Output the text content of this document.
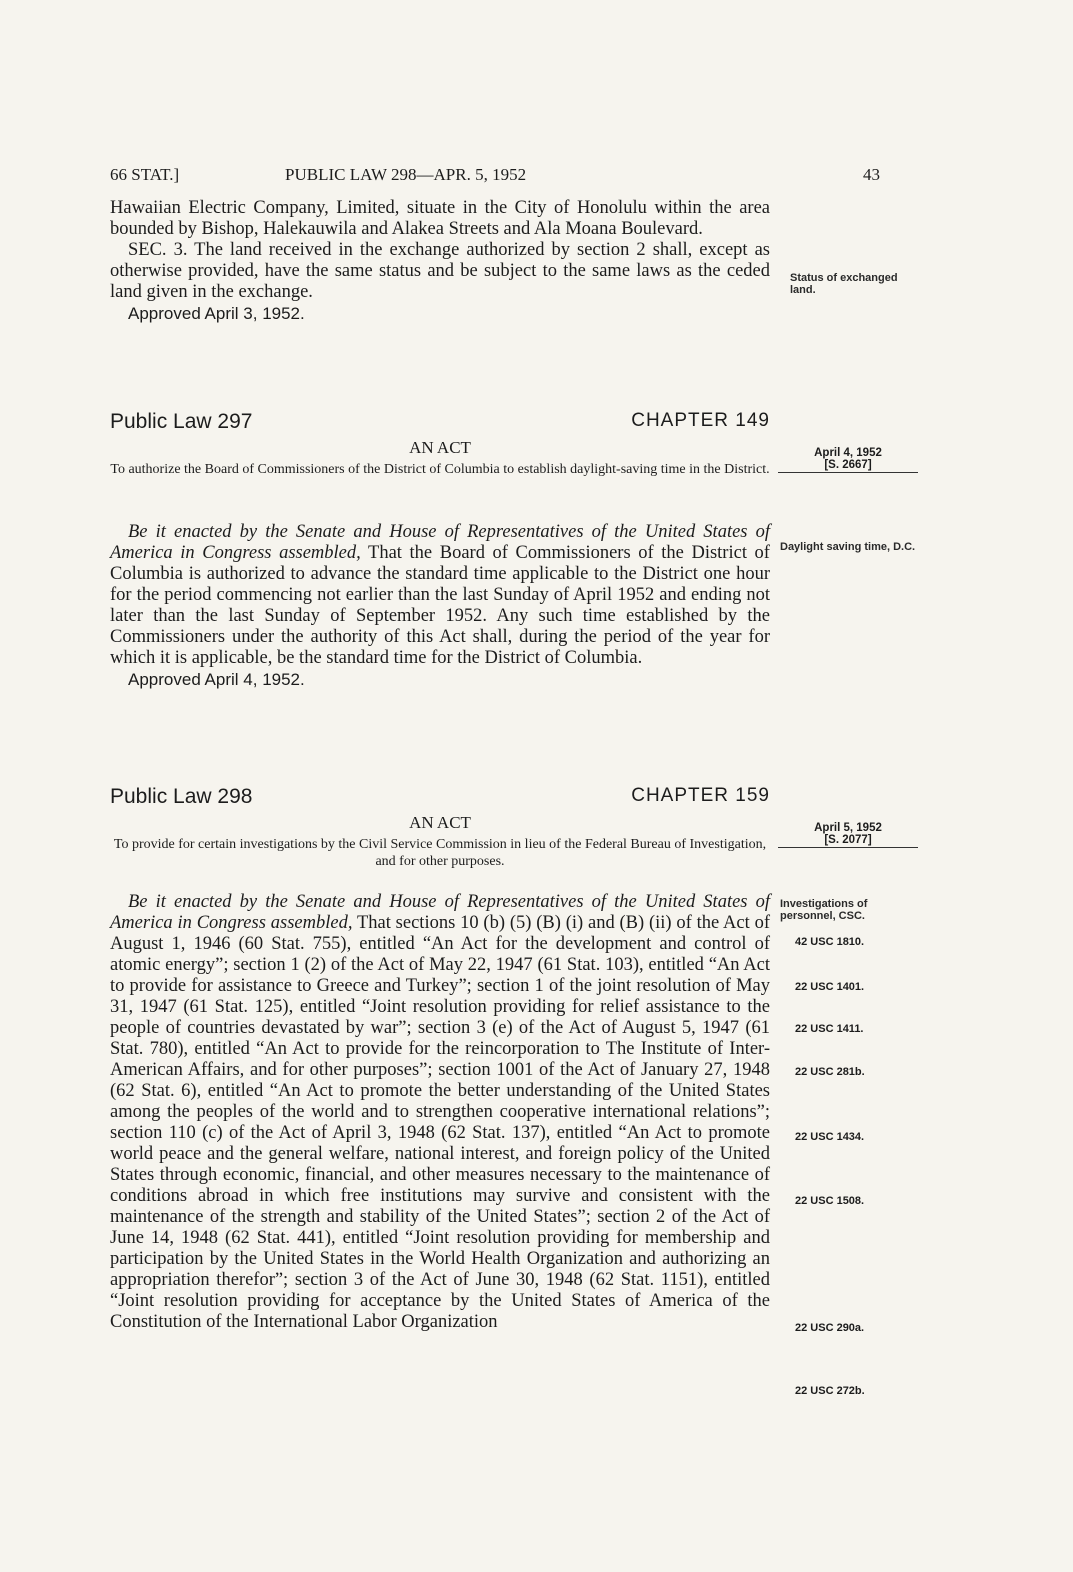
66 STAT.]	PUBLIC LAW 298—APR. 5, 1952	43

Hawaiian Electric Company, Limited, situate in the City of Honolulu within the area bounded by Bishop, Halekauwila and Alakea Streets and Ala Moana Boulevard.

SEC. 3. The land received in the exchange authorized by section 2 shall, except as otherwise provided, have the same status and be subject to the same laws as the ceded land given in the exchange.

Approved April 3, 1952.

Status of exchanged land.
Public Law 297	CHAPTER 149
AN ACT
To authorize the Board of Commissioners of the District of Columbia to establish daylight-saving time in the District.
April 4, 1952
[S. 2667]

Be it enacted by the Senate and House of Representatives of the United States of America in Congress assembled, That the Board of Commissioners of the District of Columbia is authorized to advance the standard time applicable to the District one hour for the period commencing not earlier than the last Sunday of April 1952 and ending not later than the last Sunday of September 1952. Any such time established by the Commissioners under the authority of this Act shall, during the period of the year for which it is applicable, be the standard time for the District of Columbia.

Approved April 4, 1952.

Daylight saving time, D.C.
Public Law 298	CHAPTER 159
AN ACT
To provide for certain investigations by the Civil Service Commission in lieu of the Federal Bureau of Investigation, and for other purposes.
April 5, 1952
[S. 2077]

Be it enacted by the Senate and House of Representatives of the United States of America in Congress assembled, That sections 10 (b) (5) (B) (i) and (B) (ii) of the Act of August 1, 1946 (60 Stat. 755), entitled “An Act for the development and control of atomic energy”; section 1 (2) of the Act of May 22, 1947 (61 Stat. 103), entitled “An Act to provide for assistance to Greece and Turkey”; section 1 of the joint resolution of May 31, 1947 (61 Stat. 125), entitled “Joint resolution providing for relief assistance to the people of countries devastated by war”; section 3 (e) of the Act of August 5, 1947 (61 Stat. 780), entitled “An Act to provide for the reincorporation to The Institute of Inter-American Affairs, and for other purposes”; section 1001 of the Act of January 27, 1948 (62 Stat. 6), entitled “An Act to promote the better understanding of the United States among the peoples of the world and to strengthen cooperative international relations”; section 110 (c) of the Act of April 3, 1948 (62 Stat. 137), entitled “An Act to promote world peace and the general welfare, national interest, and foreign policy of the United States through economic, financial, and other measures necessary to the maintenance of conditions abroad in which free institutions may survive and consistent with the maintenance of the strength and stability of the United States”; section 2 of the Act of June 14, 1948 (62 Stat. 441), entitled “Joint resolution providing for membership and participation by the United States in the World Health Organization and authorizing an appropriation therefor”; section 3 of the Act of June 30, 1948 (62 Stat. 1151), entitled “Joint resolution providing for acceptance by the United States of America of the Constitution of the International Labor Organization

Investigations of personnel, CSC.
42 USC 1810.
22 USC 1401.
22 USC 1411.
22 USC 281b.
22 USC 1434.
22 USC 1508.
22 USC 290a.
22 USC 272b.
